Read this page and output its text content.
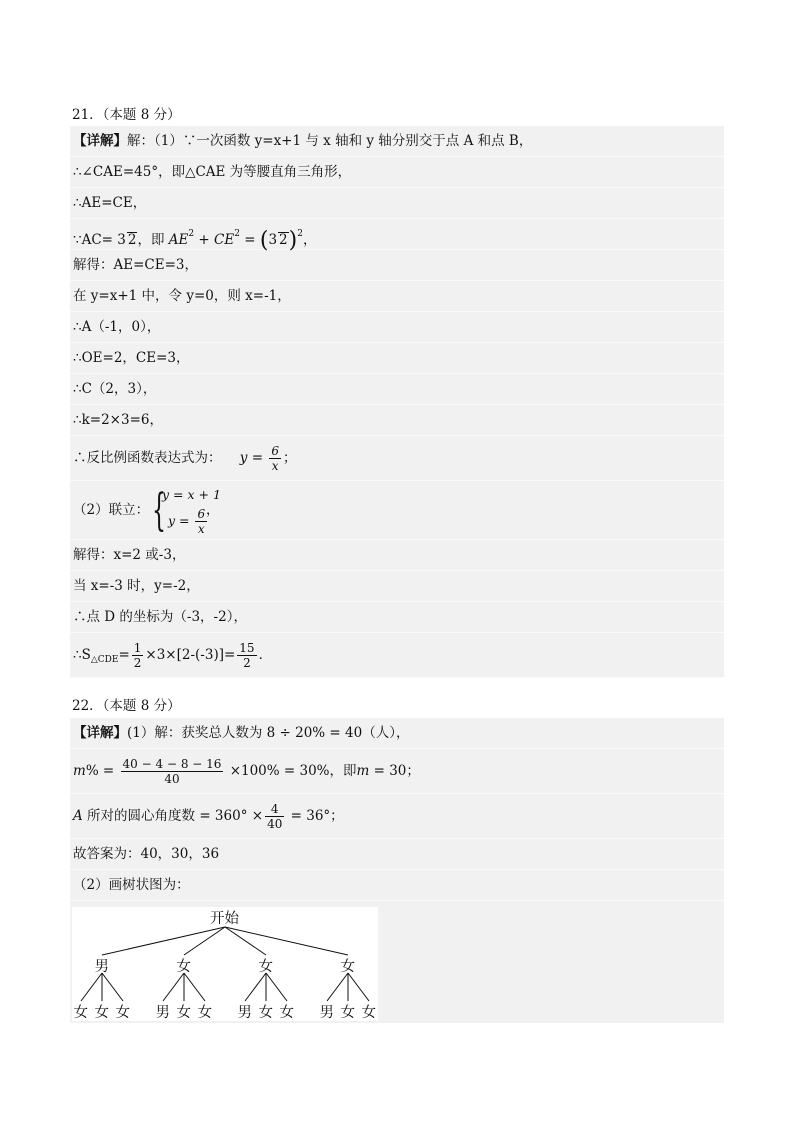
21．（本题 8 分）
【详解】解：（1）∵一次函数 y=x+1 与 x 轴和 y 轴分别交于点 A 和点 B，
∴∠CAE=45°，即△CAE 为等腰直角三角形，
∴AE=CE，
∵AC= 3 2，即 $AE^2 + CE^2 = (3$ 2)$^2$，
解得：AE=CE=3，
在 y=x+1 中，令 y=0，则 x=-1，
∴A（-1，0），
∴OE=2，CE=3，
∴C（2，3），
∴k=2×3=6，
∴反比例函数表达式为： $y = \frac{6}{x}$ ；
（2）联立： {
y = x + 1
$y = \frac{6}{x}$
，
解得：x=2 或-3，
当 x=-3 时，y=-2，
∴点 D 的坐标为（-3，-2），
$\therefore S_{\triangle CDE}= \frac{1}{2} \times 3\times[2-(-3)]= \frac{15}{2}$ ．
22．（本题 8 分）
【详解】(1）解：获奖总人数为 8 ÷ 20% = 40（人），
$m\% = \frac{40 - 4 - 8 - 16}{40} \times 100\% = 30\%$，即m = 30；
A 所对的圆心角度数 = $360^\circ \times \frac{4}{40} = 36^\circ$；
故答案为：40，30，36
（2）画树状图为：
开始
男
女 女 女
女
男 女 女
女
男 女 女
女
男 女 女
